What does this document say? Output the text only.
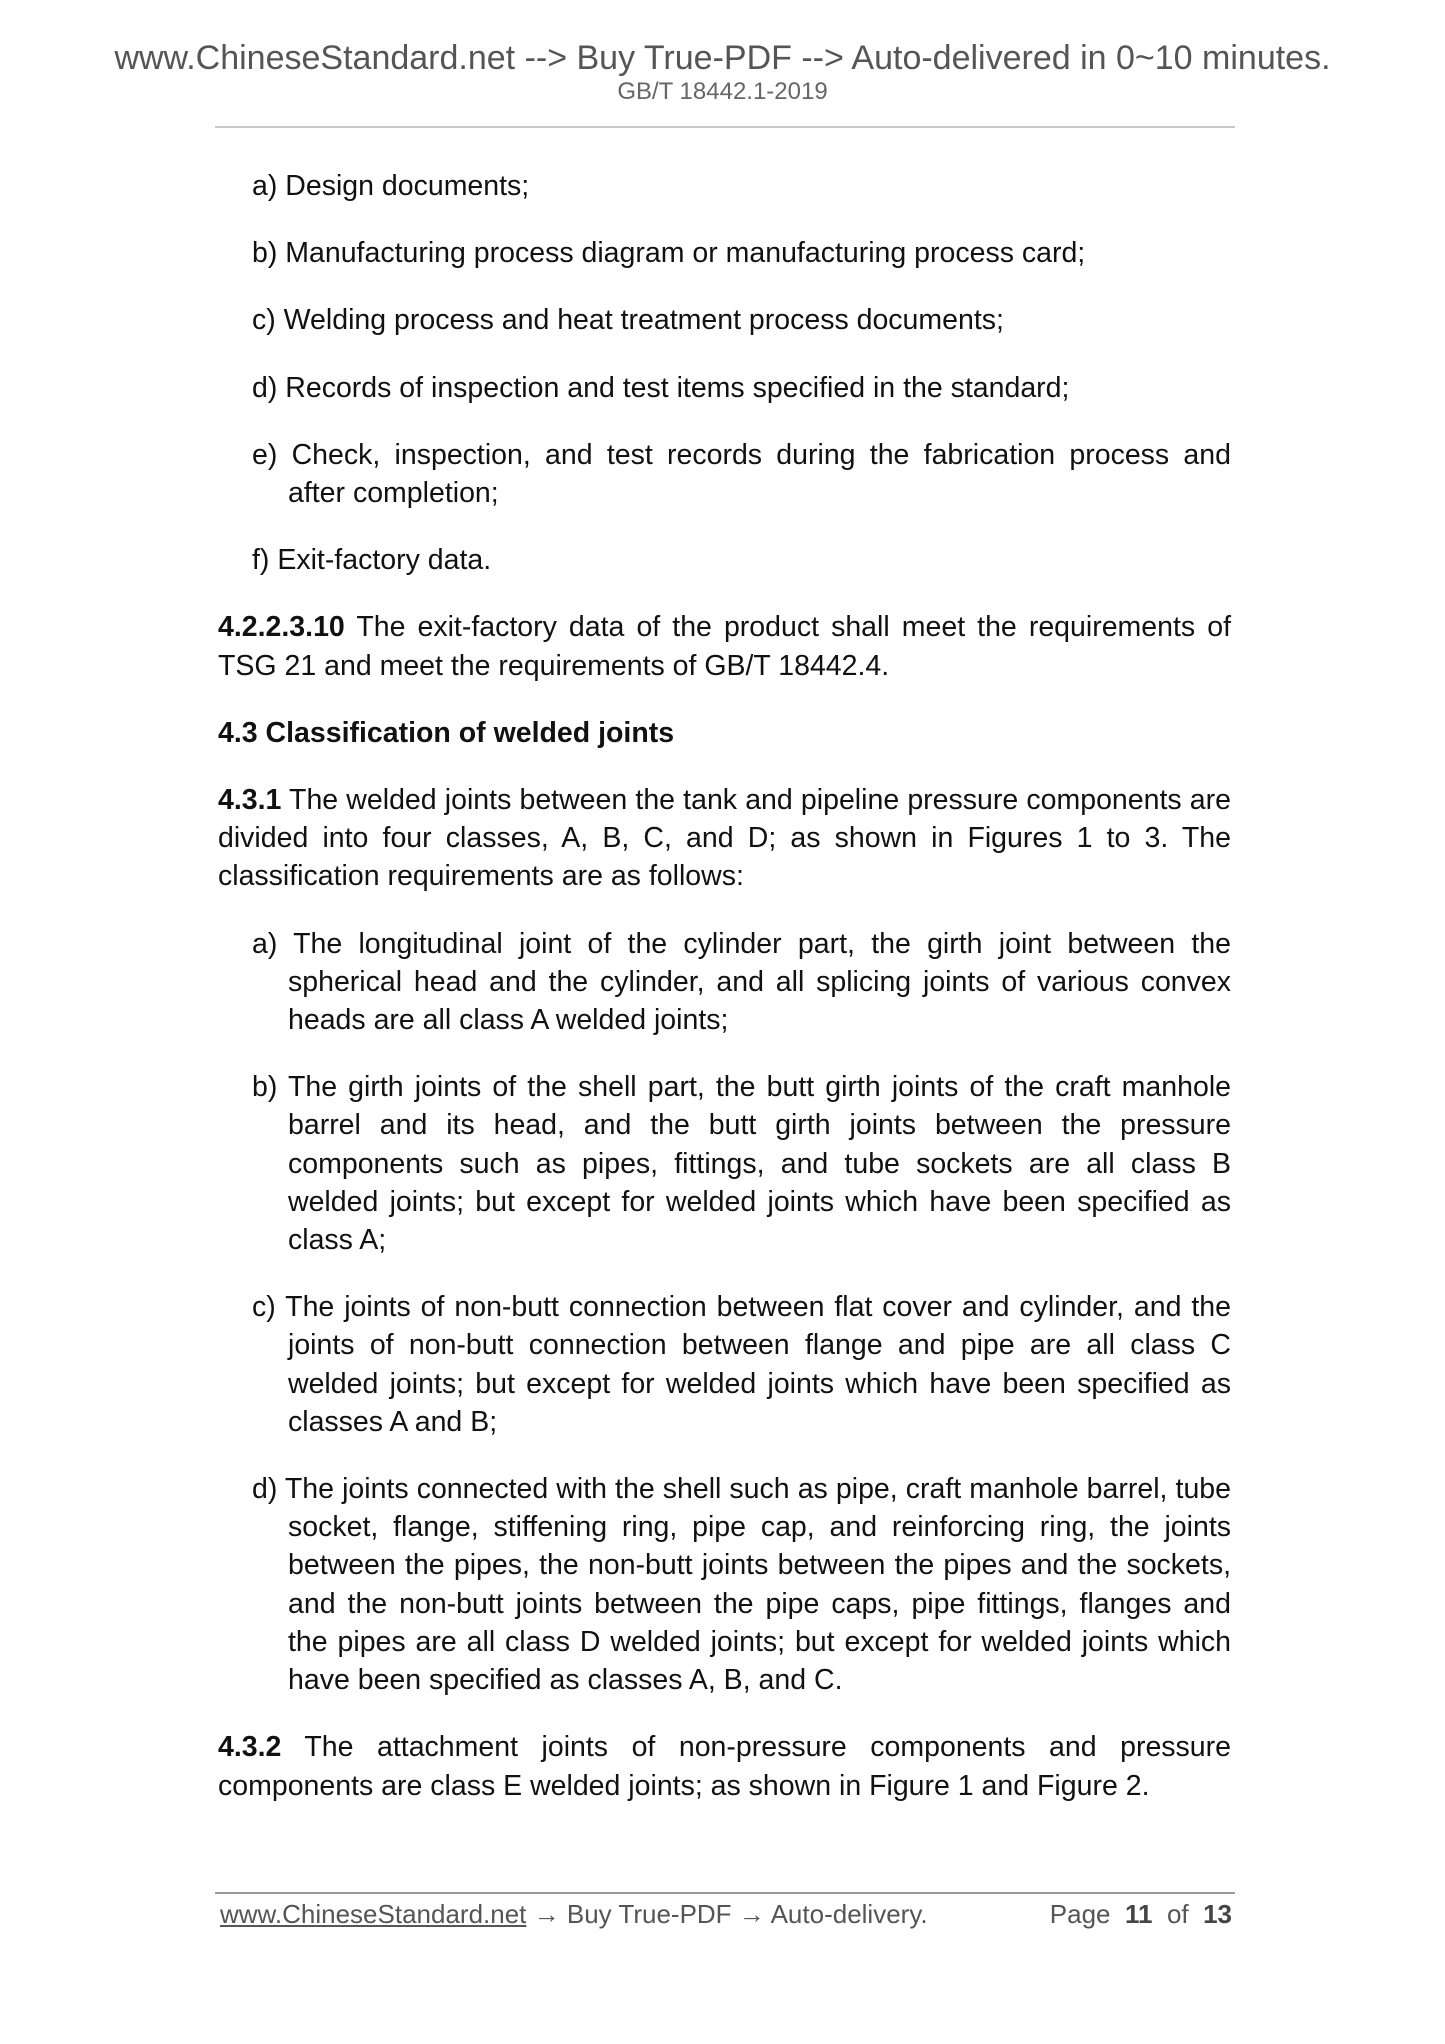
www.ChineseStandard.net --> Buy True-PDF --> Auto-delivered in 0~10 minutes.
GB/T 18442.1-2019
a) Design documents;
b) Manufacturing process diagram or manufacturing process card;
c) Welding process and heat treatment process documents;
d) Records of inspection and test items specified in the standard;
e) Check, inspection, and test records during the fabrication process and after completion;
f) Exit-factory data.
4.2.2.3.10 The exit-factory data of the product shall meet the requirements of TSG 21 and meet the requirements of GB/T 18442.4.
4.3 Classification of welded joints
4.3.1 The welded joints between the tank and pipeline pressure components are divided into four classes, A, B, C, and D; as shown in Figures 1 to 3. The classification requirements are as follows:
a) The longitudinal joint of the cylinder part, the girth joint between the spherical head and the cylinder, and all splicing joints of various convex heads are all class A welded joints;
b) The girth joints of the shell part, the butt girth joints of the craft manhole barrel and its head, and the butt girth joints between the pressure components such as pipes, fittings, and tube sockets are all class B welded joints; but except for welded joints which have been specified as class A;
c) The joints of non-butt connection between flat cover and cylinder, and the joints of non-butt connection between flange and pipe are all class C welded joints; but except for welded joints which have been specified as classes A and B;
d) The joints connected with the shell such as pipe, craft manhole barrel, tube socket, flange, stiffening ring, pipe cap, and reinforcing ring, the joints between the pipes, the non-butt joints between the pipes and the sockets, and the non-butt joints between the pipe caps, pipe fittings, flanges and the pipes are all class D welded joints; but except for welded joints which have been specified as classes A, B, and C.
4.3.2 The attachment joints of non-pressure components and pressure components are class E welded joints; as shown in Figure 1 and Figure 2.
www.ChineseStandard.net → Buy True-PDF → Auto-delivery.	Page 11 of 13
